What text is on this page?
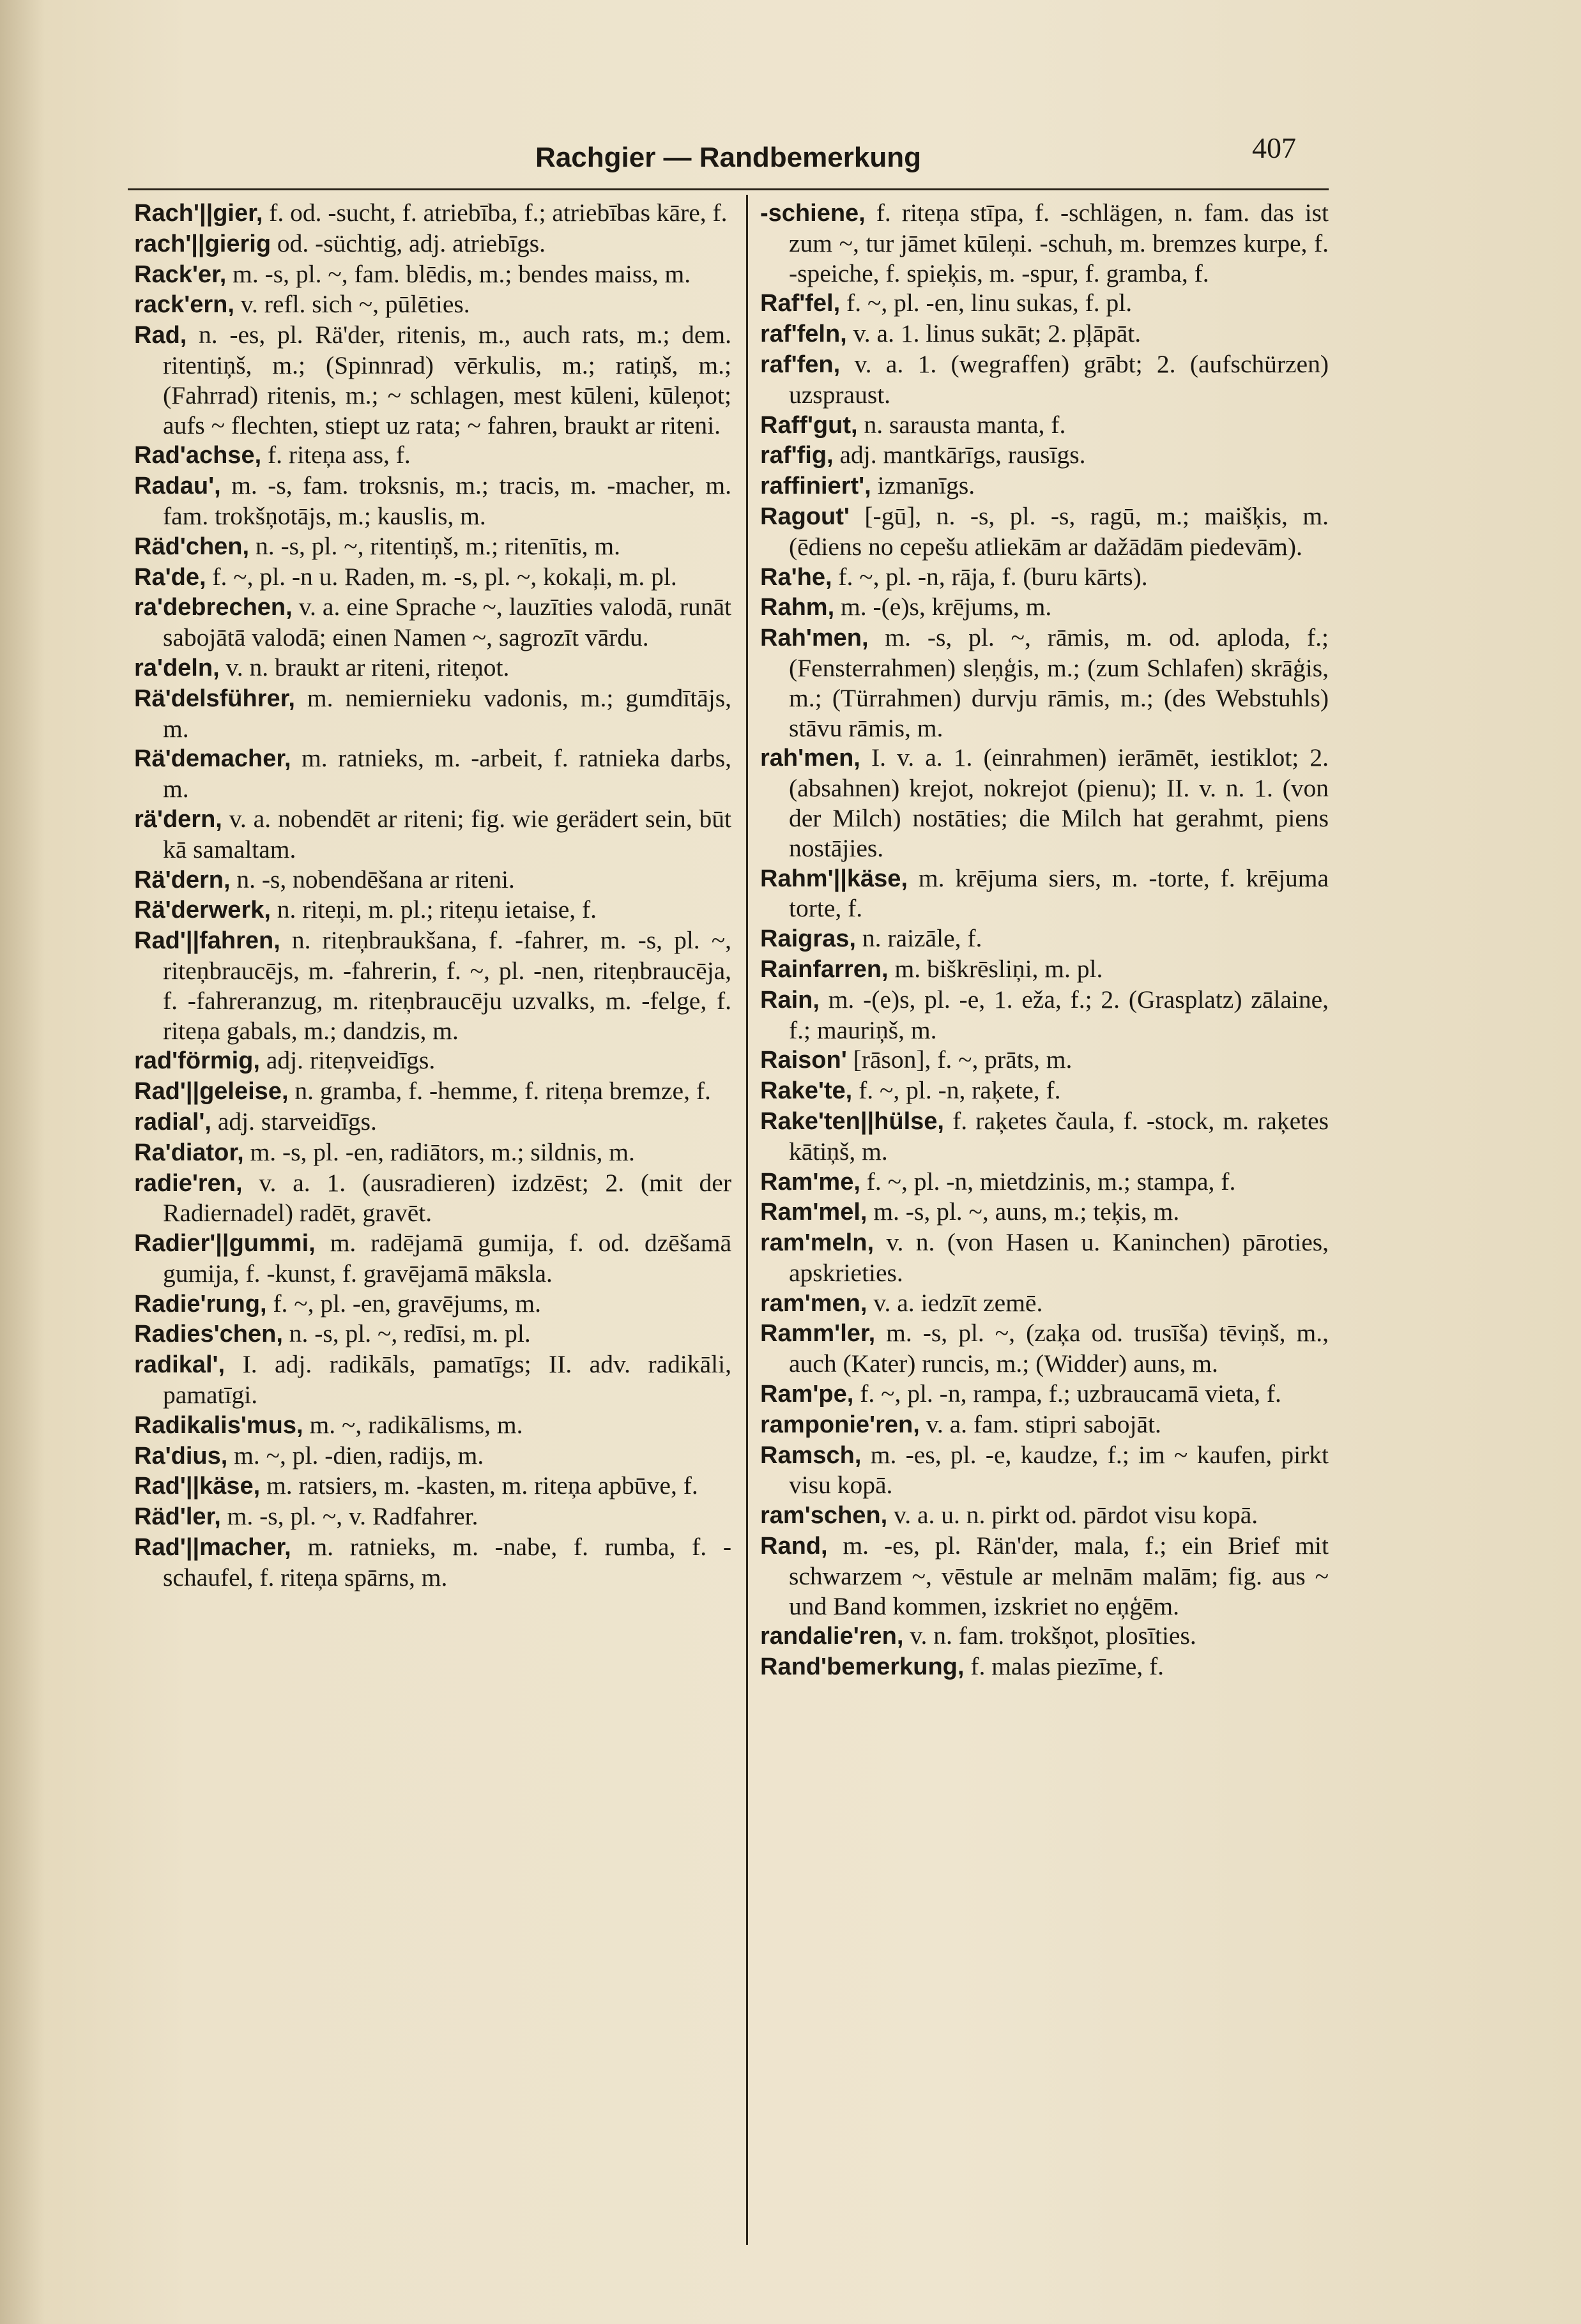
Rachgier — Randbemerkung	407

Rach'||gier, f. od. -sucht, f. atriebība, f.; atriebības kāre, f.

rach'||gierig od. -süchtig, adj. atriebīgs.

Rack'er, m. -s, pl. ~, fam. blēdis, m.; bendes maiss, m.

rack'ern, v. refl. sich ~, pūlēties.

Rad, n. -es, pl. Rä'der, ritenis, m., auch rats, m.; dem. ritentiņš, m.; (Spinnrad) vērkulis, m.; ratiņš, m.; (Fahrrad) ritenis, m.; ~ schlagen, mest kūleni, kūleņot; aufs ~ flechten, stiept uz rata; ~ fahren, braukt ar riteni.

Rad'achse, f. riteņa ass, f.

Radau', m. -s, fam. troksnis, m.; tracis, m. -macher, m. fam. trokšņotājs, m.; kauslis, m.

Räd'chen, n. -s, pl. ~, ritentiņš, m.; ritenītis, m.

Ra'de, f. ~, pl. -n u. Raden, m. -s, pl. ~, kokaļi, m. pl.

ra'debrechen, v. a. eine Sprache ~, lauzīties valodā, runāt sabojātā valodā; einen Namen ~, sagrozīt vārdu.

ra'deln, v. n. braukt ar riteni, riteņot.

Rä'delsführer, m. nemiernieku vadonis, m.; gumdītājs, m.

Rä'demacher, m. ratnieks, m. -arbeit, f. ratnieka darbs, m.

rä'dern, v. a. nobendēt ar riteni; fig. wie gerädert sein, būt kā samaltam.

Rä'dern, n. -s, nobendēšana ar riteni.

Rä'derwerk, n. riteņi, m. pl.; riteņu ietaise, f.

Rad'||fahren, n. riteņbraukšana, f. -fahrer, m. -s, pl. ~, riteņbraucējs, m. -fahrerin, f. ~, pl. -nen, riteņbraucēja, f. -fahreranzug, m. riteņbraucēju uzvalks, m. -felge, f. riteņa gabals, m.; dandzis, m.

rad'förmig, adj. riteņveidīgs.

Rad'||geleise, n. gramba, f. -hemme, f. riteņa bremze, f.

radial', adj. starveidīgs.

Ra'diator, m. -s, pl. -en, radiātors, m.; sildnis, m.

radie'ren, v. a. 1. (ausradieren) izdzēst; 2. (mit der Radiernadel) radēt, gravēt.

Radier'||gummi, m. radējamā gumija, f. od. dzēšamā gumija, f. -kunst, f. gravējamā māksla.

Radie'rung, f. ~, pl. -en, gravējums, m.

Radies'chen, n. -s, pl. ~, redīsi, m. pl.

radikal', I. adj. radikāls, pamatīgs; II. adv. radikāli, pamatīgi.

Radikalis'mus, m. ~, radikālisms, m.

Ra'dius, m. ~, pl. -dien, radijs, m.

Rad'||käse, m. ratsiers, m. -kasten, m. riteņa apbūve, f.

Räd'ler, m. -s, pl. ~, v. Radfahrer.

Rad'||macher, m. ratnieks, m. -nabe, f. rumba, f. -schaufel, f. riteņa spārns, m.

-schiene, f. riteņa stīpa, f. -schlägen, n. fam. das ist zum ~, tur jāmet kūleņi. -schuh, m. bremzes kurpe, f. -speiche, f. spieķis, m. -spur, f. gramba, f.

Raf'fel, f. ~, pl. -en, linu sukas, f. pl.

raf'feln, v. a. 1. linus sukāt; 2. pļāpāt.

raf'fen, v. a. 1. (wegraffen) grābt; 2. (aufschürzen) uzspraust.

Raff'gut, n. sarausta manta, f.

raf'fig, adj. mantkārīgs, rausīgs.

raffiniert', izmanīgs.

Ragout' [-gū], n. -s, pl. -s, ragū, m.; maišķis, m. (ēdiens no cepešu atliekām ar dažādām piedevām).

Ra'he, f. ~, pl. -n, rāja, f. (buru kārts).

Rahm, m. -(e)s, krējums, m.

Rah'men, m. -s, pl. ~, rāmis, m. od. aploda, f.; (Fensterrahmen) sleņģis, m.; (zum Schlafen) skrāģis, m.; (Türrahmen) durvju rāmis, m.; (des Webstuhls) stāvu rāmis, m.

rah'men, I. v. a. 1. (einrahmen) ierāmēt, iestiklot; 2. (absahnen) krejot, nokrejot (pienu); II. v. n. 1. (von der Milch) nostāties; die Milch hat gerahmt, piens nostājies.

Rahm'||käse, m. krējuma siers, m. -torte, f. krējuma torte, f.

Raigras, n. raizāle, f.

Rainfarren, m. biškrēsliņi, m. pl.

Rain, m. -(e)s, pl. -e, 1. eža, f.; 2. (Grasplatz) zālaine, f.; mauriņš, m.

Raison' [rāson], f. ~, prāts, m.

Rake'te, f. ~, pl. -n, raķete, f.

Rake'ten||hülse, f. raķetes čaula, f. -stock, m. raķetes kātiņš, m.

Ram'me, f. ~, pl. -n, mietdzinis, m.; stampa, f.

Ram'mel, m. -s, pl. ~, auns, m.; teķis, m.

ram'meln, v. n. (von Hasen u. Kaninchen) pāroties, apskrieties.

ram'men, v. a. iedzīt zemē.

Ramm'ler, m. -s, pl. ~, (zaķa od. trusīša) tēviņš, m., auch (Kater) runcis, m.; (Widder) auns, m.

Ram'pe, f. ~, pl. -n, rampa, f.; uzbraucamā vieta, f.

ramponie'ren, v. a. fam. stipri sabojāt.

Ramsch, m. -es, pl. -e, kaudze, f.; im ~ kaufen, pirkt visu kopā.

ram'schen, v. a. u. n. pirkt od. pārdot visu kopā.

Rand, m. -es, pl. Rän'der, mala, f.; ein Brief mit schwarzem ~, vēstule ar melnām malām; fig. aus ~ und Band kommen, izskriet no eņģēm.

randalie'ren, v. n. fam. trokšņot, plosīties.

Rand'bemerkung, f. malas piezīme, f.
